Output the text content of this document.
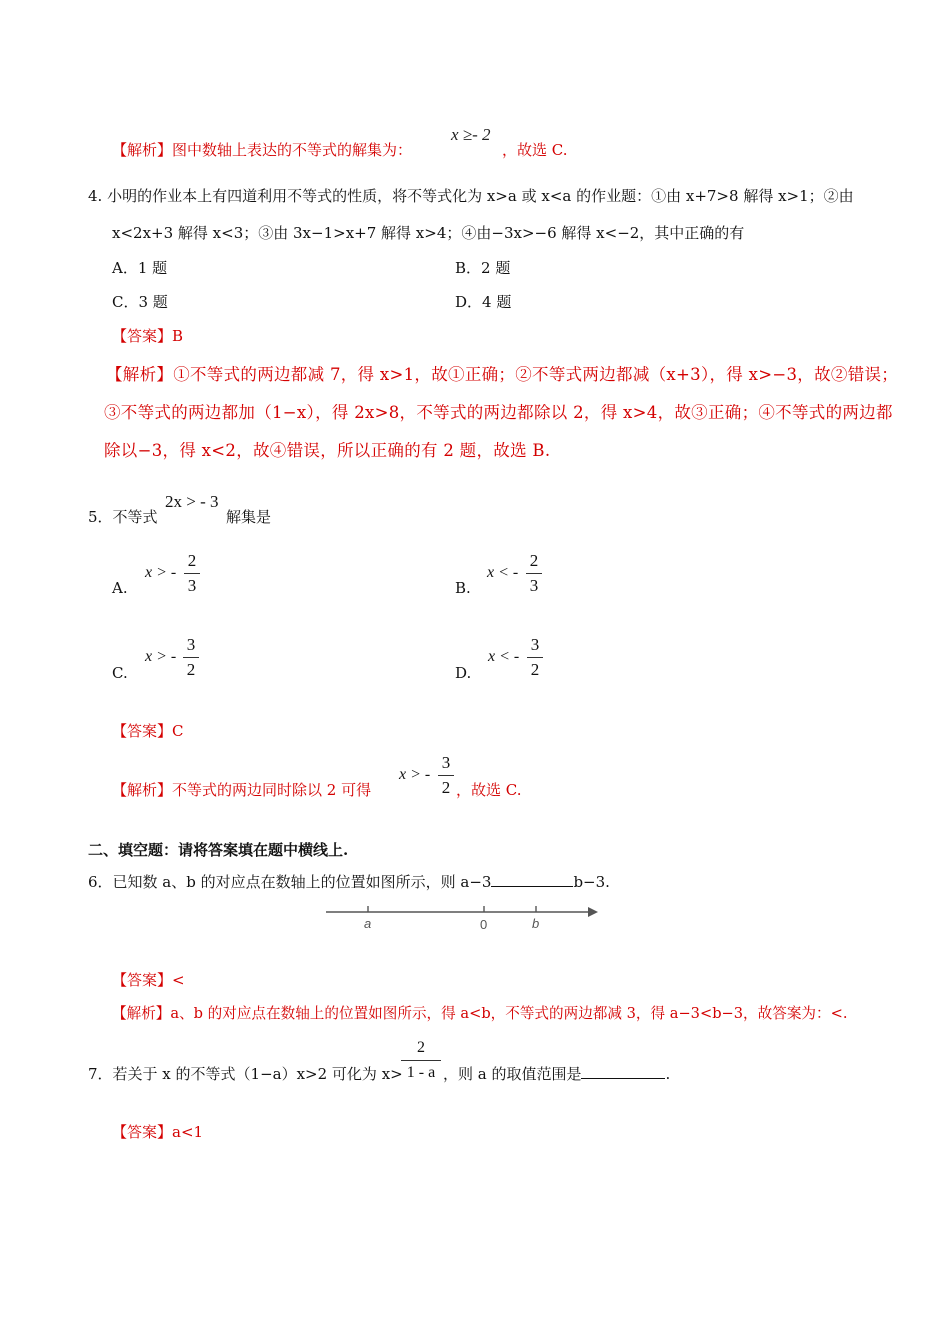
【解析】图中数轴上表达的不等式的解集为：
x ≥- 2
，故选 C.
4. 小明的作业本上有四道利用不等式的性质，将不等式化为 x>a 或 x<a 的作业题：①由 x+7>8 解得 x>1；②由
x<2x+3 解得 x<3；③由 3x−1>x+7 解得 x>4；④由−3x>−6 解得 x<−2，其中正确的有
A．1 题	B．2 题
C．3 题	D．4 题
【答案】B
【解析】①不等式的两边都减 7，得 x>1，故①正确；②不等式两边都减（x+3），得 x>−3，故②错误；
③不等式的两边都加（1−x），得 2x>8，不等式的两边都除以 2，得 x>4，故③正确；④不等式的两边都
除以−3，得 x<2，故④错误，所以正确的有 2 题，故选 B.
5．不等式
2x > - 3
解集是
A.
x > -
2
3	B.
x < -
2
3
C.
x > -
3
2	D.
x < -
3
2
【答案】C
【解析】不等式的两边同时除以 2 可得
x > -
3
2 ，故选 C.
二、填空题：请将答案填在题中横线上.
6．已知数 a、b 的对应点在数轴上的位置如图所示，则 a−3	b−3.
a	0	b
【答案】<
【解析】a、b 的对应点在数轴上的位置如图所示，得 a<b，不等式的两边都减 3，得 a−3<b−3，故答案为：<.
7．若关于 x 的不等式（1−a）x>2 可化为 x>
2
1 - a ，则 a 的取值范围是	.
【答案】a<1
